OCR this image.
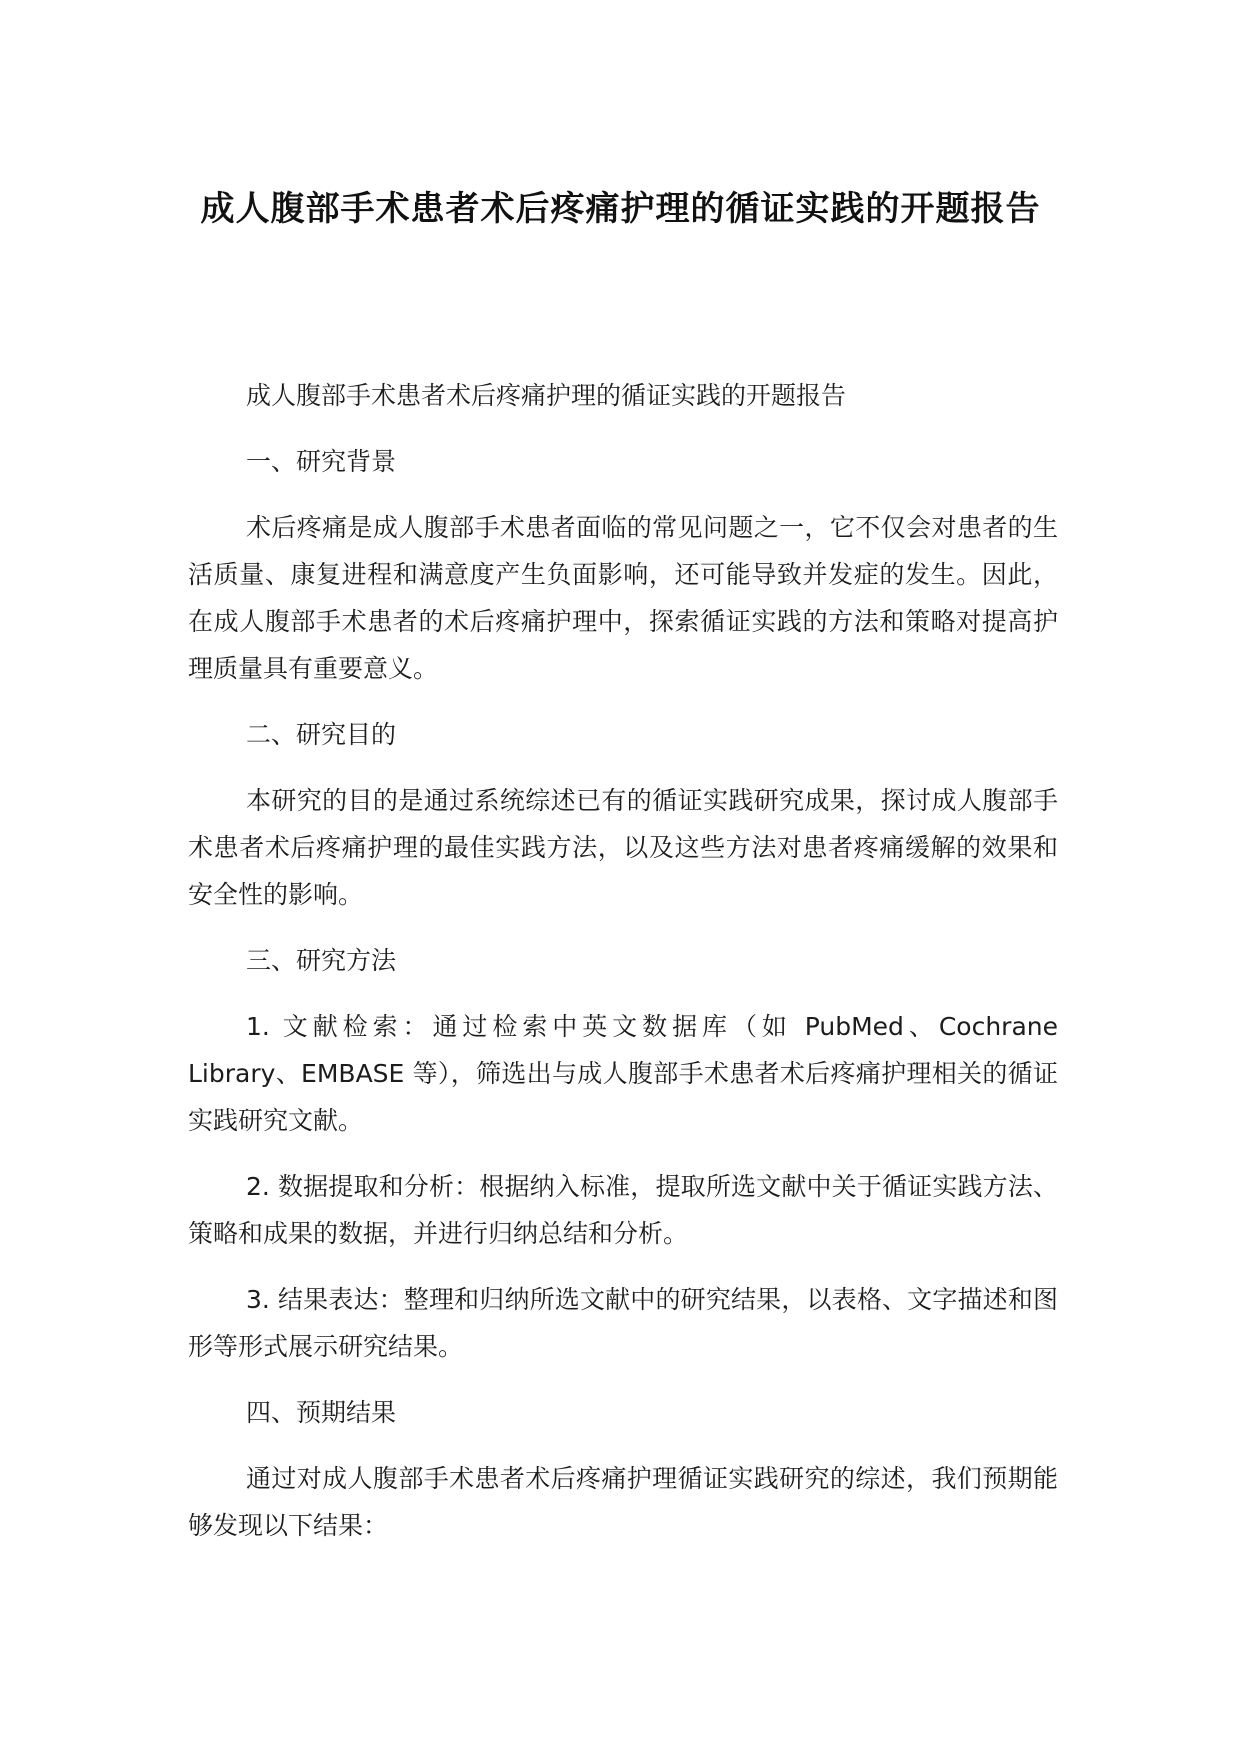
成人腹部手术患者术后疼痛护理的循证实践的开题报告

成人腹部手术患者术后疼痛护理的循证实践的开题报告

一、研究背景

术后疼痛是成人腹部手术患者面临的常见问题之一，它不仅会对患者的生活质量、康复进程和满意度产生负面影响，还可能导致并发症的发生。因此，在成人腹部手术患者的术后疼痛护理中，探索循证实践的方法和策略对提高护理质量具有重要意义。

二、研究目的

本研究的目的是通过系统综述已有的循证实践研究成果，探讨成人腹部手术患者术后疼痛护理的最佳实践方法，以及这些方法对患者疼痛缓解的效果和安全性的影响。

三、研究方法

1. 文献检索：通过检索中英文数据库（如 PubMed、Cochrane Library、EMBASE 等），筛选出与成人腹部手术患者术后疼痛护理相关的循证实践研究文献。

2. 数据提取和分析：根据纳入标准，提取所选文献中关于循证实践方法、策略和成果的数据，并进行归纳总结和分析。

3. 结果表达：整理和归纳所选文献中的研究结果，以表格、文字描述和图形等形式展示研究结果。

四、预期结果

通过对成人腹部手术患者术后疼痛护理循证实践研究的综述，我们预期能够发现以下结果：
